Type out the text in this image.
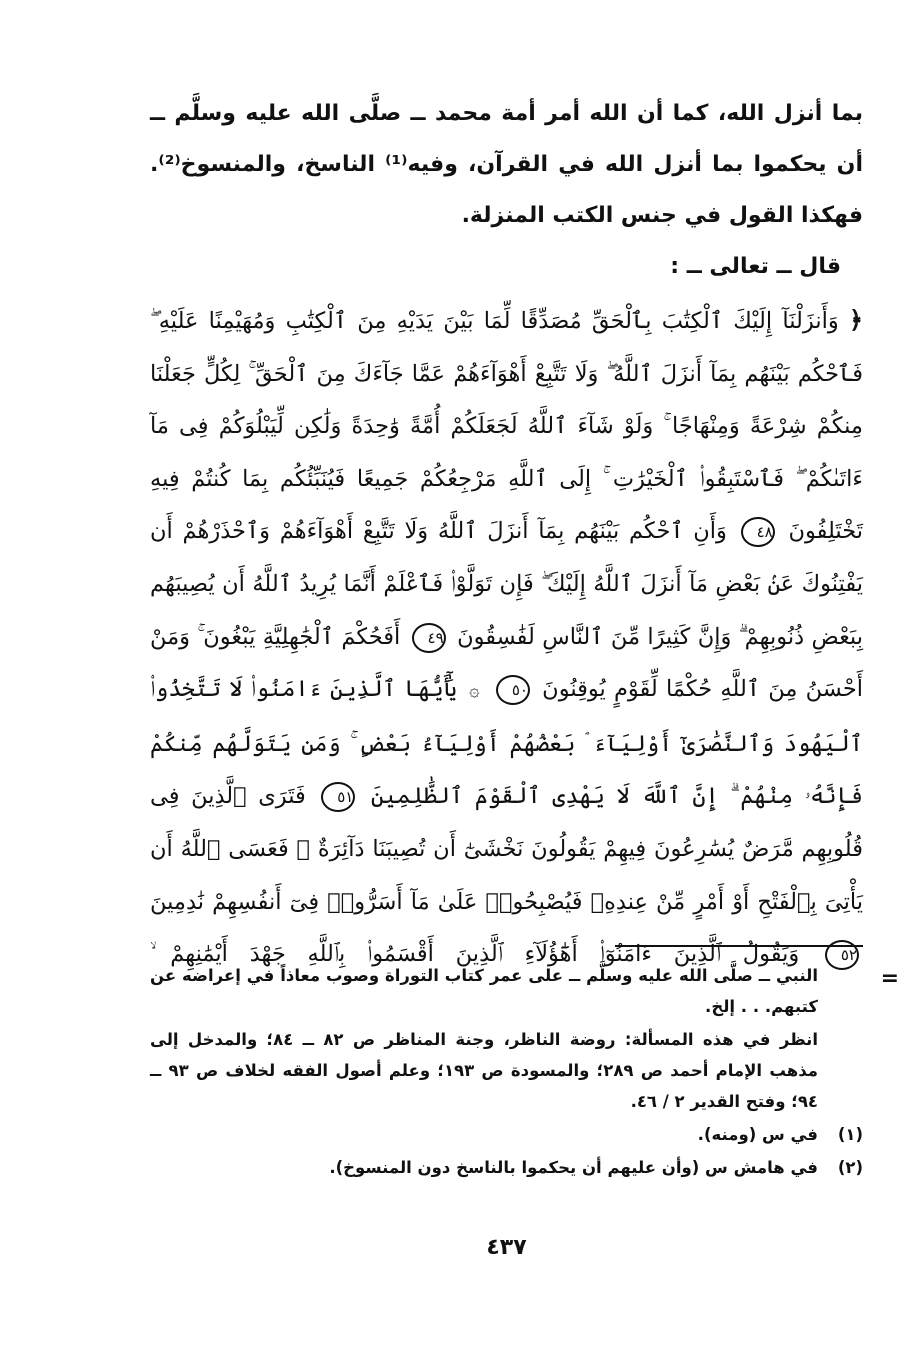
بما أنزل الله، كما أن الله أمر أمة محمد ــ صلَّى الله عليه وسلَّم ــ أن يحكموا بما أنزل الله في القرآن، وفيه⁽¹⁾ الناسخ، والمنسوخ⁽²⁾. فهكذا القول في جنس الكتب المنزلة.

قال ــ تعالى ــ :

﴿ وَأَنزَلْنَآ إِلَيْكَ ٱلْكِتَٰبَ بِٱلْحَقِّ مُصَدِّقًا لِّمَا بَيْنَ يَدَيْهِ مِنَ ٱلْكِتَٰبِ وَمُهَيْمِنًا عَلَيْهِ ۖ فَٱحْكُم بَيْنَهُم بِمَآ أَنزَلَ ٱللَّهُ ۖ وَلَا تَتَّبِعْ أَهْوَآءَهُمْ عَمَّا جَآءَكَ مِنَ ٱلْحَقِّ ۚ لِكُلٍّ جَعَلْنَا مِنكُمْ شِرْعَةً وَمِنْهَاجًا ۚ وَلَوْ شَآءَ ٱللَّهُ لَجَعَلَكُمْ أُمَّةً وَٰحِدَةً وَلَٰكِن لِّيَبْلُوَكُمْ فِى مَآ ءَاتَىٰكُمْ ۖ فَٱسْتَبِقُوا۟ ٱلْخَيْرَٰتِ ۚ إِلَى ٱللَّهِ مَرْجِعُكُمْ جَمِيعًا فَيُنَبِّئُكُم بِمَا كُنتُمْ فِيهِ تَخْتَلِفُونَ ٤٨ وَأَنِ ٱحْكُم بَيْنَهُم بِمَآ أَنزَلَ ٱللَّهُ وَلَا تَتَّبِعْ أَهْوَآءَهُمْ وَٱحْذَرْهُمْ أَن يَفْتِنُوكَ عَنۢ بَعْضِ مَآ أَنزَلَ ٱللَّهُ إِلَيْكَ ۖ فَإِن تَوَلَّوْا۟ فَٱعْلَمْ أَنَّمَا يُرِيدُ ٱللَّهُ أَن يُصِيبَهُم بِبَعْضِ ذُنُوبِهِمْ ۗ وَإِنَّ كَثِيرًا مِّنَ ٱلنَّاسِ لَفَٰسِقُونَ ٤٩ أَفَحُكْمَ ٱلْجَٰهِلِيَّةِ يَبْغُونَ ۚ وَمَنْ أَحْسَنُ مِنَ ٱللَّهِ حُكْمًا لِّقَوْمٍ يُوقِنُونَ ٥٠ ۞ يَٰٓأَيُّهَا ٱلَّذِينَ ءَامَنُوا۟ لَا تَتَّخِذُوا۟ ٱلْيَهُودَ وَٱلنَّصَٰرَىٰٓ أَوْلِيَآءَ ۘ بَعْضُهُمْ أَوْلِيَآءُ بَعْضٍ ۚ وَمَن يَتَوَلَّهُم مِّنكُمْ فَإِنَّهُۥ مِنْهُمْ ۗ إِنَّ ٱللَّهَ لَا يَهْدِى ٱلْقَوْمَ ٱلظَّٰلِمِينَ ٥١ فَتَرَى ٱلَّذِينَ فِى قُلُوبِهِم مَّرَضٌ يُسَٰرِعُونَ فِيهِمْ يَقُولُونَ نَخْشَىٰٓ أَن تُصِيبَنَا دَآئِرَةٌ ۚ فَعَسَى ٱللَّهُ أَن يَأْتِىَ بِٱلْفَتْحِ أَوْ أَمْرٍ مِّنْ عِندِهِۦ فَيُصْبِحُوا۟ عَلَىٰ مَآ أَسَرُّوا۟ فِىٓ أَنفُسِهِمْ نَٰدِمِينَ ٥٢ وَيَقُولُ ٱلَّذِينَ ءَامَنُوٓا۟ أَهَٰٓؤُلَآءِ ٱلَّذِينَ أَقْسَمُوا۟ بِٱللَّهِ جَهْدَ أَيْمَٰنِهِمْ ۙ

=

النبي ــ صلَّى الله عليه وسلَّم ــ على عمر كتاب التوراة وصوب معاذاً في إعراضه عن كتبهم. . . إلخ.

انظر في هذه المسألة: روضة الناظر، وجنة المناظر ص ٨٢ ــ ٨٤؛ والمدخل إلى مذهب الإمام أحمد ص ٢٨٩؛ والمسودة ص ١٩٣؛ وعلم أصول الفقه لخلاف ص ٩٣ ــ ٩٤؛ وفتح القدير ٢ / ٤٦.

(١)
في س (ومنه).
(٢)
في هامش س (وأن عليهم أن يحكموا بالناسخ دون المنسوخ).
٤٣٧
